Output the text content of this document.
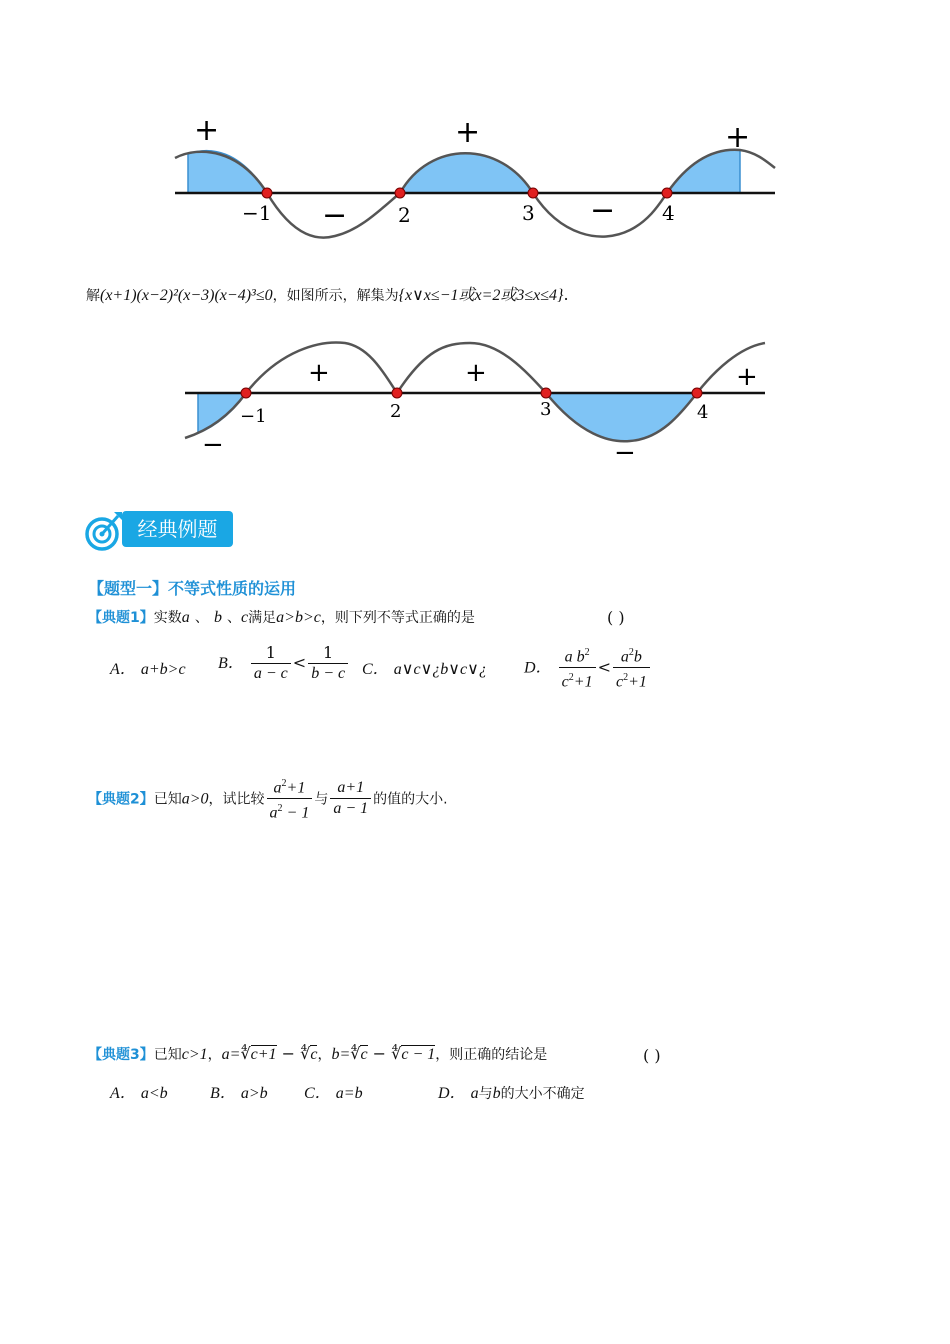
−1	2	3	4
+	+	+
−	−
解(x+1)(x−2)²(x−3)(x−4)³≤0，如图所示，解集为{x∨x≤−1或x=2或3≤x≤4}.
−1	2	3	4
+	+	+
−	−
经典例题
【题型一】不等式性质的运用
【典题1】实数a 、 b 、c满足a>b>c，则下列不等式正确的是	( )
A． a+b>c B． $\frac{1}{a - c} < \frac{1}{b - c}$ C． a∨c∨¿b∨c∨¿ D． $\frac{a b^2}{c^2+1} < \frac{a^2b}{c^2+1}$
【典题2】已知a>0，试比较 $\frac{a^2+1}{a^2 - 1}$ 与 $\frac{a+1}{a - 1}$ 的值的大小.
【典题3】已知c>1，a=∜c+1 − ∜c，b=∜c − ∜c − 1，则正确的结论是	( )
A． a<b	B． a>b C． a=b	D． a与b的大小不确定
